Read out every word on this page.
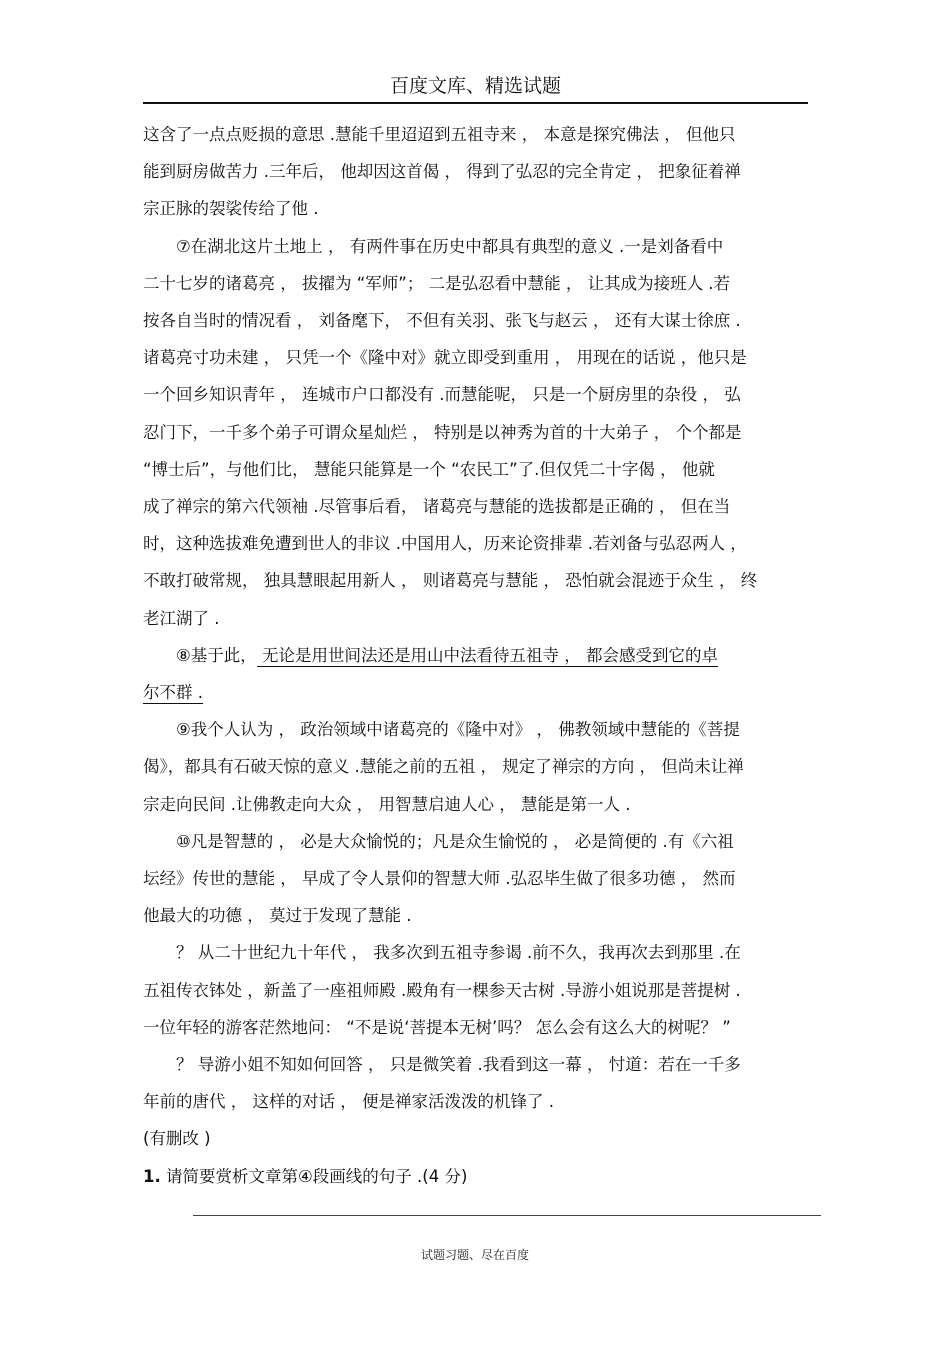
百度文库、精选试题

这含了一点点贬损的意思 .慧能千里迢迢到五祖寺来 ， 本意是探究佛法 ， 但他只
能到厨房做苦力 .三年后， 他却因这首偈 ， 得到了弘忍的完全肯定 ， 把象征着禅
宗正脉的袈裟传给了他 .

⑦在湖北这片土地上 ， 有两件事在历史中都具有典型的意义 .一是刘备看中
二十七岁的诸葛亮 ， 拔擢为 “军师”； 二是弘忍看中慧能 ， 让其成为接班人 .若
按各自当时的情况看 ， 刘备麾下， 不但有关羽、张飞与赵云 ， 还有大谋士徐庶 .
诸葛亮寸功未建 ， 只凭一个《隆中对》就立即受到重用 ， 用现在的话说 ，他只是
一个回乡知识青年 ， 连城市户口都没有 .而慧能呢， 只是一个厨房里的杂役 ， 弘
忍门下，一千多个弟子可谓众星灿烂 ， 特别是以神秀为首的十大弟子 ， 个个都是
“博士后”，与他们比， 慧能只能算是一个 “农民工”了.但仅凭二十字偈 ， 他就
成了禅宗的第六代领袖 .尽管事后看， 诸葛亮与慧能的选拔都是正确的 ， 但在当
时，这种选拔难免遭到世人的非议 .中国用人，历来论资排辈 .若刘备与弘忍两人 ，
不敢打破常规， 独具慧眼起用新人 ， 则诸葛亮与慧能 ， 恐怕就会混迹于众生 ， 终
老江湖了 .

⑧基于此， 无论是用世间法还是用山中法看待五祖寺 ， 都会感受到它的卓
尔不群 .

⑨我个人认为 ， 政治领域中诸葛亮的《隆中对》 ， 佛教领域中慧能的《菩提
偈》，都具有石破天惊的意义 .慧能之前的五祖 ， 规定了禅宗的方向 ， 但尚未让禅
宗走向民间 .让佛教走向大众 ， 用智慧启迪人心 ， 慧能是第一人 .

⑩凡是智慧的 ， 必是大众愉悦的；凡是众生愉悦的 ， 必是简便的 .有《六祖
坛经》传世的慧能 ， 早成了令人景仰的智慧大师 .弘忍毕生做了很多功德 ， 然而
他最大的功德 ， 莫过于发现了慧能 .

？ 从二十世纪九十年代 ， 我多次到五祖寺参谒 .前不久，我再次去到那里 .在
五祖传衣钵处 ，新盖了一座祖师殿 .殿角有一棵参天古树 .导游小姐说那是菩提树 .
一位年轻的游客茫然地问： “不是说‘菩提本无树’吗？ 怎么会有这么大的树呢？ ”

？ 导游小姐不知如何回答 ， 只是微笑着 .我看到这一幕 ， 忖道：若在一千多
年前的唐代 ， 这样的对话 ， 便是禅家活泼泼的机锋了 .

(有删改 )

1. 请简要赏析文章第④段画线的句子 .(4 分)

试题习题、尽在百度
